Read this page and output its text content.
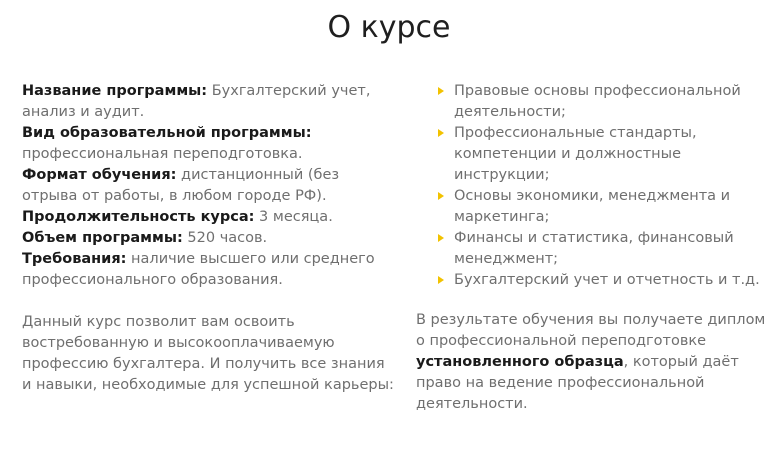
О курсе

Название программы: Бухгалтерский учет, анализ и аудит.

Вид образовательной программы: профессиональная переподготовка.

Формат обучения: дистанционный (без отрыва от работы, в любом городе РФ).

Продолжительность курса: 3 месяца.

Объем программы: 520 часов.

Требования: наличие высшего или среднего профессионального образования.

Данный курс позволит вам освоить востребованную и высокооплачиваемую профессию бухгалтера. И получить все знания и навыки, необходимые для успешной карьеры:

Правовые основы профессиональной деятельности;
Профессиональные стандарты, компетенции и должностные инструкции;
Основы экономики, менеджмента и маркетинга;
Финансы и статистика, финансовый менеджмент;
Бухгалтерский учет и отчетность и т.д.

В результате обучения вы получаете диплом о профессиональной переподготовке установленного образца, который даёт право на ведение профессиональной деятельности.
